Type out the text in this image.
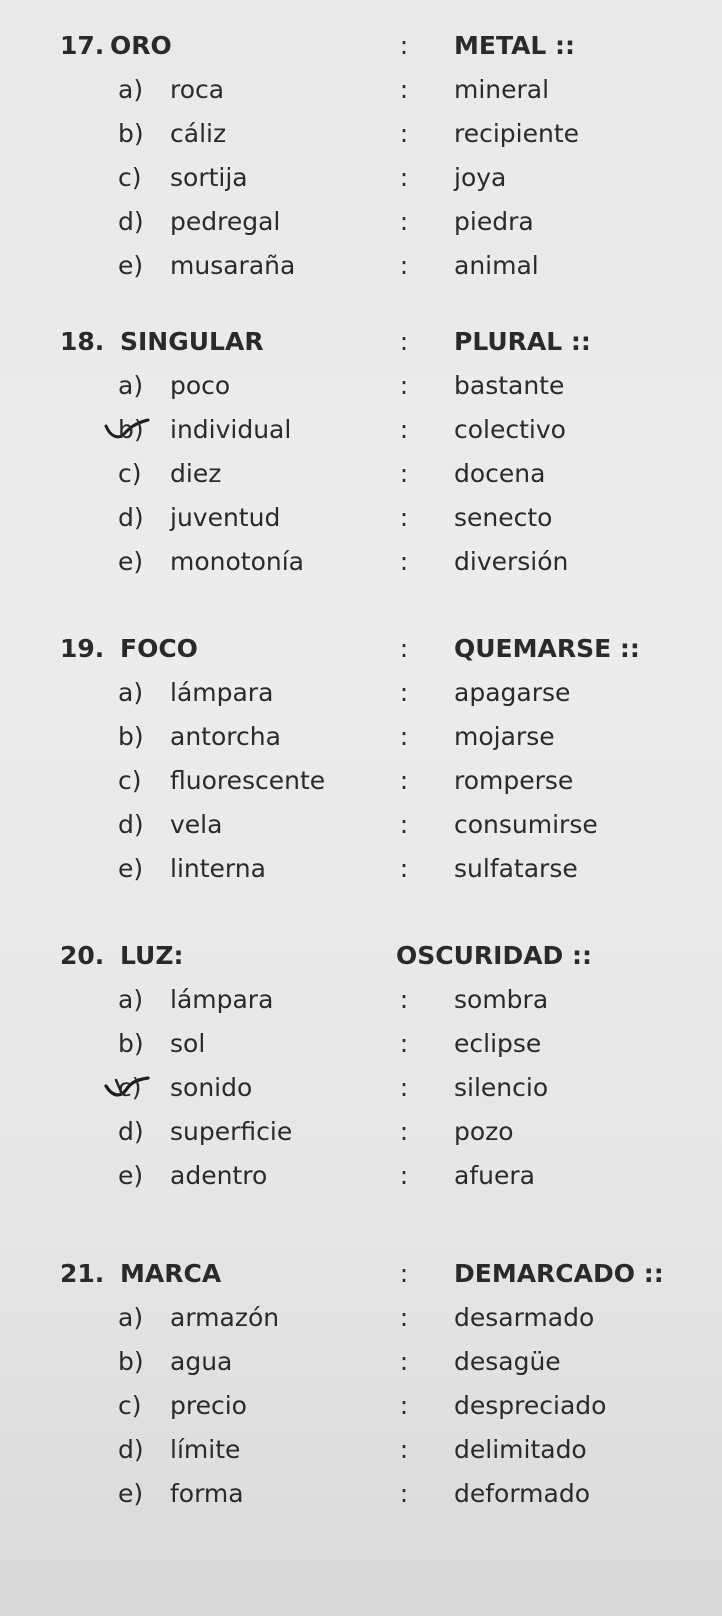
17. ORO	: METAL ::
a) roca	: mineral
b) cáliz	: recipiente
c) sortija	: joya
d) pedregal	: piedra
e) musaraña	: animal
18. SINGULAR	: PLURAL ::
a) poco	: bastante
b) individual	: colectivo
c) diez	: docena
d) juventud	: senecto
e) monotonía	: diversión
19. FOCO	: QUEMARSE ::
a) lámpara	: apagarse
b) antorcha	: mojarse
c) fluorescente	: romperse
d) vela	: consumirse
e) linterna	: sulfatarse
20. LUZ:	OSCURIDAD ::
a) lámpara	: sombra
b) sol	: eclipse
c) sonido	: silencio
d) superficie	: pozo
e) adentro	: afuera
21. MARCA	: DEMARCADO ::
a) armazón	: desarmado
b) agua	: desagüe
c) precio	: despreciado
d) límite	: delimitado
e) forma	: deformado
